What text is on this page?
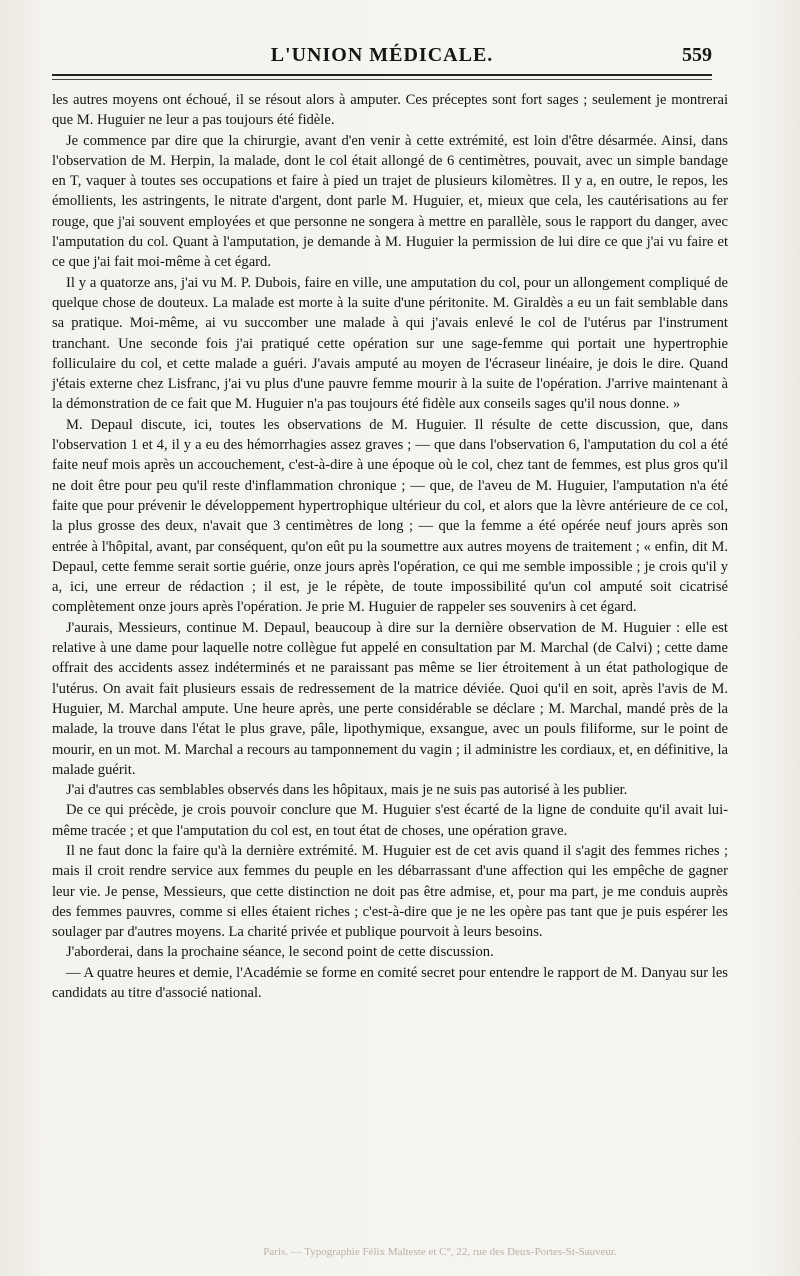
L'UNION MÉDICALE.	559

les autres moyens ont échoué, il se résout alors à amputer. Ces préceptes sont fort sages ; seulement je montrerai que M. Huguier ne leur a pas toujours été fidèle.

Je commence par dire que la chirurgie, avant d'en venir à cette extrémité, est loin d'être désarmée. Ainsi, dans l'observation de M. Herpin, la malade, dont le col était allongé de 6 centimètres, pouvait, avec un simple bandage en T, vaquer à toutes ses occupations et faire à pied un trajet de plusieurs kilomètres. Il y a, en outre, le repos, les émollients, les astringents, le nitrate d'argent, dont parle M. Huguier, et, mieux que cela, les cautérisations au fer rouge, que j'ai souvent employées et que personne ne songera à mettre en parallèle, sous le rapport du danger, avec l'amputation du col. Quant à l'amputation, je demande à M. Huguier la permission de lui dire ce que j'ai vu faire et ce que j'ai fait moi-même à cet égard.

Il y a quatorze ans, j'ai vu M. P. Dubois, faire en ville, une amputation du col, pour un allongement compliqué de quelque chose de douteux. La malade est morte à la suite d'une péritonite. M. Giraldès a eu un fait semblable dans sa pratique. Moi-même, ai vu succomber une malade à qui j'avais enlevé le col de l'utérus par l'instrument tranchant. Une seconde fois j'ai pratiqué cette opération sur une sage-femme qui portait une hypertrophie folliculaire du col, et cette malade a guéri. J'avais amputé au moyen de l'écraseur linéaire, je dois le dire. Quand j'étais externe chez Lisfranc, j'ai vu plus d'une pauvre femme mourir à la suite de l'opération. J'arrive maintenant à la démonstration de ce fait que M. Huguier n'a pas toujours été fidèle aux conseils sages qu'il nous donne. »

M. Depaul discute, ici, toutes les observations de M. Huguier. Il résulte de cette discussion, que, dans l'observation 1 et 4, il y a eu des hémorrhagies assez graves ; — que dans l'observation 6, l'amputation du col a été faite neuf mois après un accouchement, c'est-à-dire à une époque où le col, chez tant de femmes, est plus gros qu'il ne doit être pour peu qu'il reste d'inflammation chronique ; — que, de l'aveu de M. Huguier, l'amputation n'a été faite que pour prévenir le développement hypertrophique ultérieur du col, et alors que la lèvre antérieure de ce col, la plus grosse des deux, n'avait que 3 centimètres de long ; — que la femme a été opérée neuf jours après son entrée à l'hôpital, avant, par conséquent, qu'on eût pu la soumettre aux autres moyens de traitement ; « enfin, dit M. Depaul, cette femme serait sortie guérie, onze jours après l'opération, ce qui me semble impossible ; je crois qu'il y a, ici, une erreur de rédaction ; il est, je le répète, de toute impossibilité qu'un col amputé soit cicatrisé complètement onze jours après l'opération. Je prie M. Huguier de rappeler ses souvenirs à cet égard.

J'aurais, Messieurs, continue M. Depaul, beaucoup à dire sur la dernière observation de M. Huguier : elle est relative à une dame pour laquelle notre collègue fut appelé en consultation par M. Marchal (de Calvi) ; cette dame offrait des accidents assez indéterminés et ne paraissant pas même se lier étroitement à un état pathologique de l'utérus. On avait fait plusieurs essais de redressement de la matrice déviée. Quoi qu'il en soit, après l'avis de M. Huguier, M. Marchal ampute. Une heure après, une perte considérable se déclare ; M. Marchal, mandé près de la malade, la trouve dans l'état le plus grave, pâle, lipothymique, exsangue, avec un pouls filiforme, sur le point de mourir, en un mot. M. Marchal a recours au tamponnement du vagin ; il administre les cordiaux, et, en définitive, la malade guérit.

J'ai d'autres cas semblables observés dans les hôpitaux, mais je ne suis pas autorisé à les publier.

De ce qui précède, je crois pouvoir conclure que M. Huguier s'est écarté de la ligne de conduite qu'il avait lui-même tracée ; et que l'amputation du col est, en tout état de choses, une opération grave.

Il ne faut donc la faire qu'à la dernière extrémité. M. Huguier est de cet avis quand il s'agit des femmes riches ; mais il croit rendre service aux femmes du peuple en les débarrassant d'une affection qui les empêche de gagner leur vie. Je pense, Messieurs, que cette distinction ne doit pas être admise, et, pour ma part, je me conduis auprès des femmes pauvres, comme si elles étaient riches ; c'est-à-dire que je ne les opère pas tant que je puis espérer les soulager par d'autres moyens. La charité privée et publique pourvoit à leurs besoins.

J'aborderai, dans la prochaine séance, le second point de cette discussion.

— A quatre heures et demie, l'Académie se forme en comité secret pour entendre le rapport de M. Danyau sur les candidats au titre d'associé national.

Paris. — Typographie Félix Malteste et C°, 22, rue des Deux-Portes-St-Sauveur.
